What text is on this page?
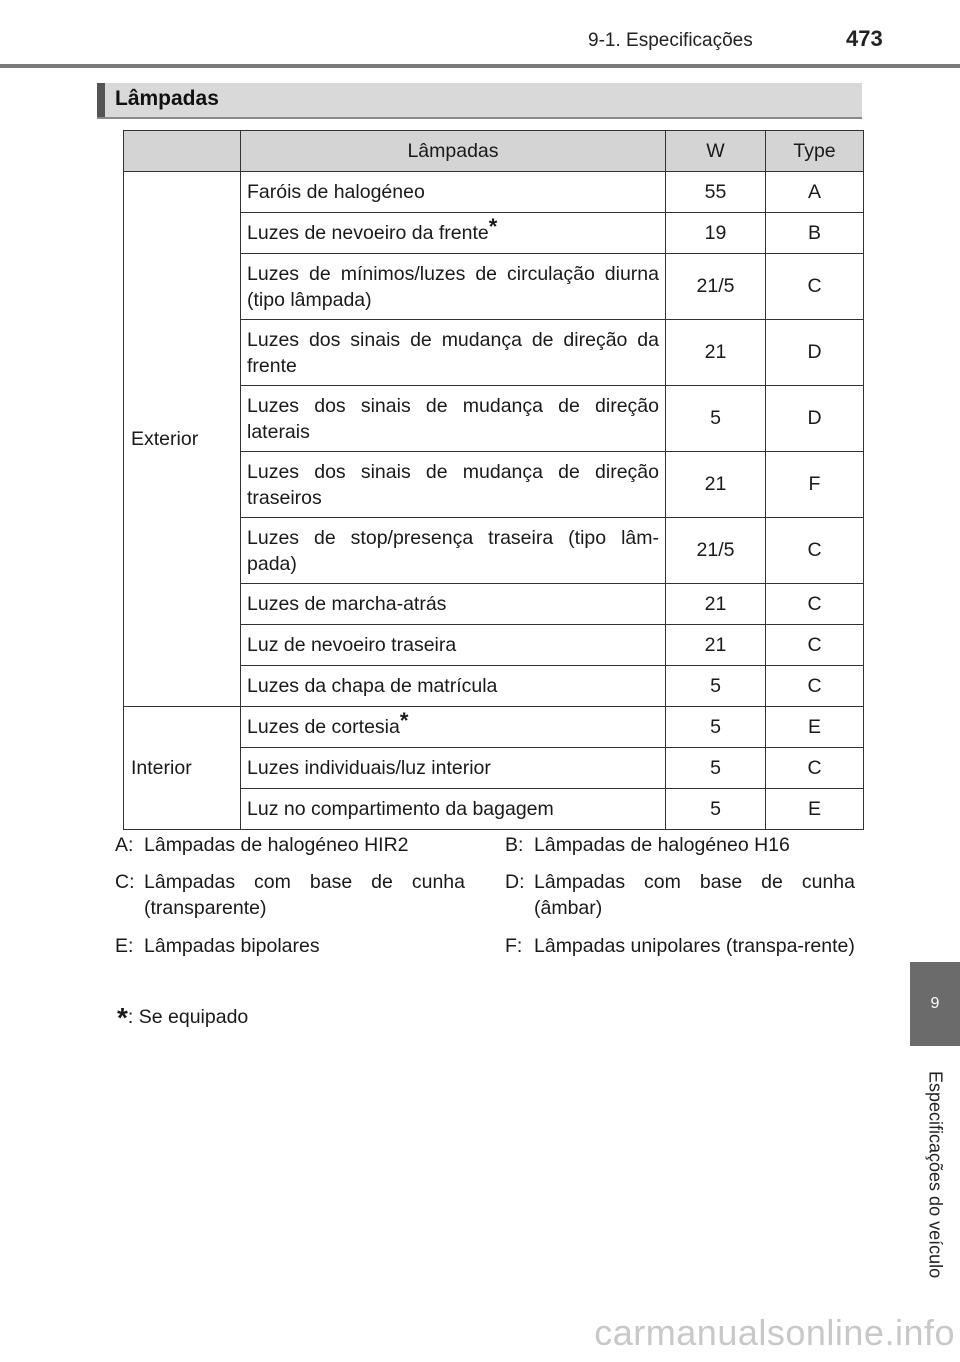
9-1. Especificações	473
Lâmpadas
	Lâmpadas	W	Type
Exterior	Faróis de halogéneo	55	A
	Luzes de nevoeiro da frente*	19	B
	Luzes de mínimos/luzes de circulação diurna (tipo lâmpada)	21/5	C
	Luzes dos sinais de mudança de direção da frente	21	D
	Luzes dos sinais de mudança de direção laterais	5	D
	Luzes dos sinais de mudança de direção traseiros	21	F
	Luzes de stop/presença traseira (tipo lâm-pada)	21/5	C
	Luzes de marcha-atrás	21	C
	Luz de nevoeiro traseira	21	C
	Luzes da chapa de matrícula	5	C
Interior	Luzes de cortesia*	5	E
	Luzes individuais/luz interior	5	C
	Luz no compartimento da bagagem	5	E
A: Lâmpadas de halogéneo HIR2	B: Lâmpadas de halogéneo H16
C: Lâmpadas com base de cunha (transparente)
D: Lâmpadas com base de cunha (âmbar)
E: Lâmpadas bipolares	F: Lâmpadas unipolares (transpa-rente)
*: Se equipado
9
Especificações do veículo
carmanualsonline.info
